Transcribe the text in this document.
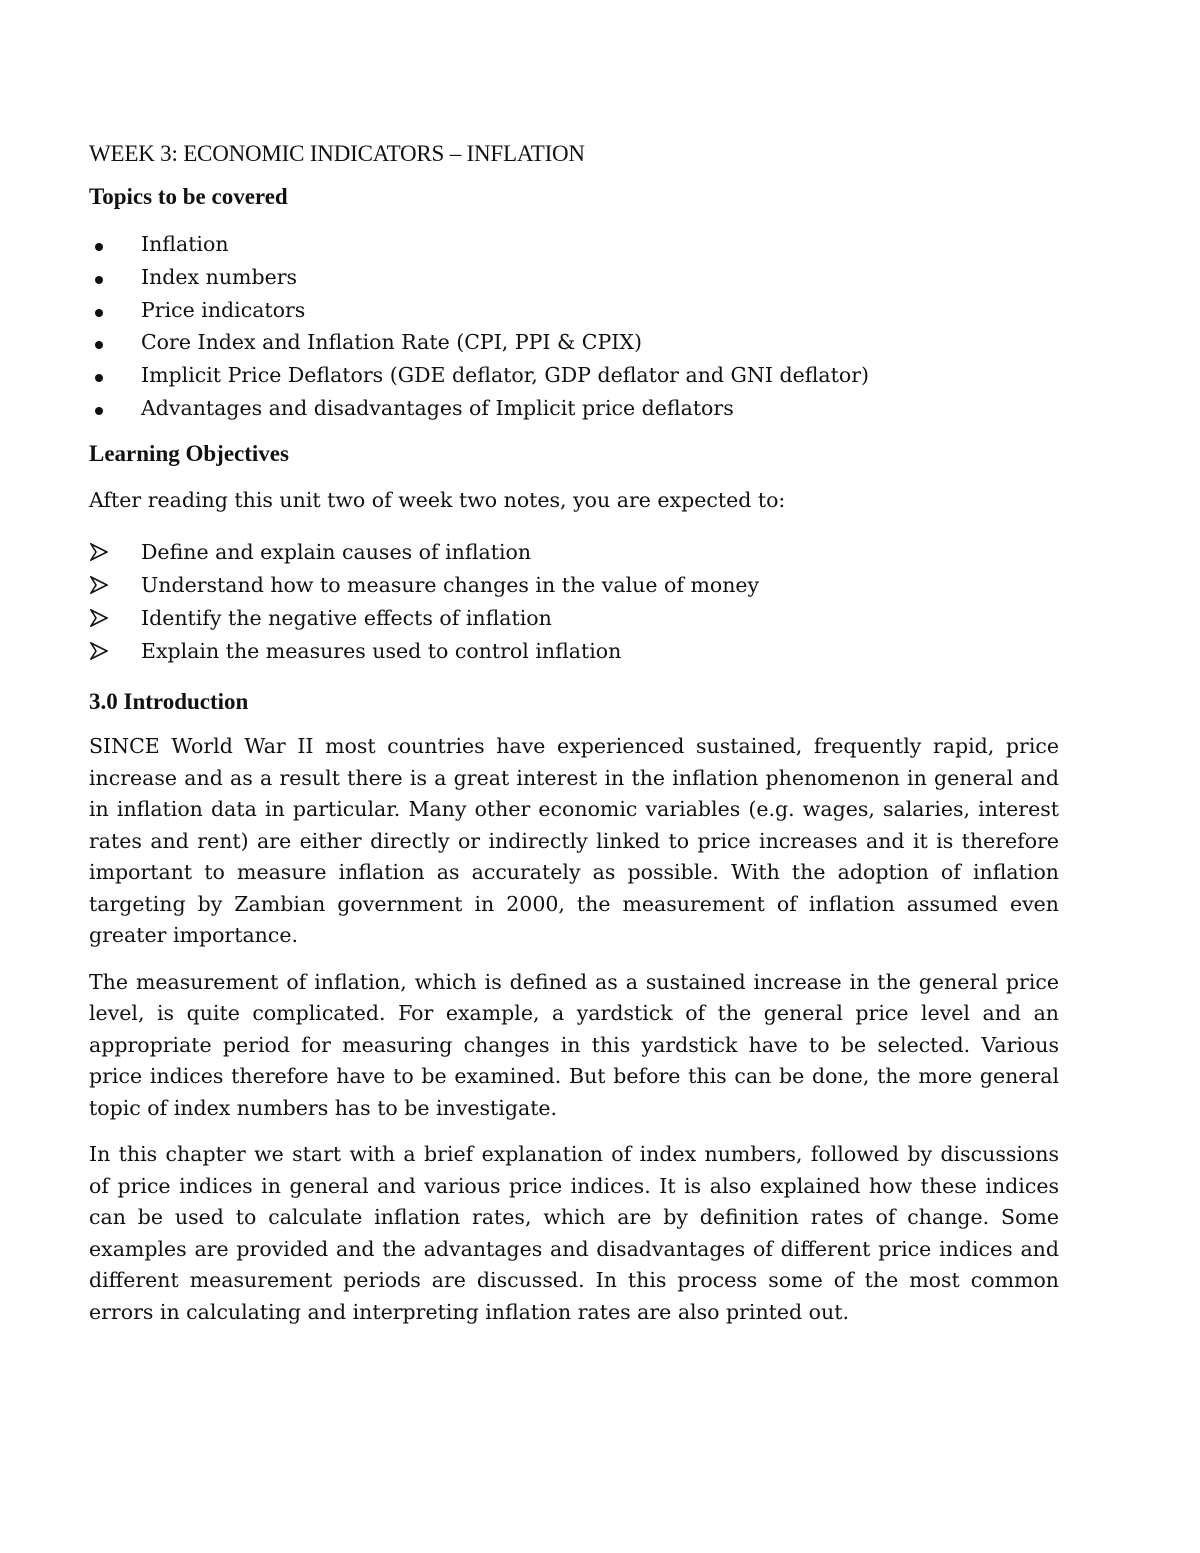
WEEK 3: ECONOMIC INDICATORS – INFLATION
Topics to be covered
Inflation
Index numbers
Price indicators
Core Index and Inflation Rate (CPI, PPI & CPIX)
Implicit Price Deflators (GDE deflator, GDP deflator and GNI deflator)
Advantages and disadvantages of Implicit price deflators
Learning Objectives

After reading this unit two of week two notes, you are expected to:

Define and explain causes of inflation
Understand how to measure changes in the value of money
Identify the negative effects of inflation
Explain the measures used to control inflation
3.0 Introduction

SINCE World War II most countries have experienced sustained, frequently rapid, price increase and as a result there is a great interest in the inflation phenomenon in general and in inflation data in particular. Many other economic variables (e.g. wages, salaries, interest rates and rent) are either directly or indirectly linked to price increases and it is therefore important to measure inflation as accurately as possible. With the adoption of inflation targeting by Zambian government in 2000, the measurement of inflation assumed even greater importance.

The measurement of inflation, which is defined as a sustained increase in the general price level, is quite complicated. For example, a yardstick of the general price level and an appropriate period for measuring changes in this yardstick have to be selected. Various price indices therefore have to be examined. But before this can be done, the more general topic of index numbers has to be investigate.

In this chapter we start with a brief explanation of index numbers, followed by discussions of price indices in general and various price indices. It is also explained how these indices can be used to calculate inflation rates, which are by definition rates of change. Some examples are provided and the advantages and disadvantages of different price indices and different measurement periods are discussed. In this process some of the most common errors in calculating and interpreting inflation rates are also printed out.
